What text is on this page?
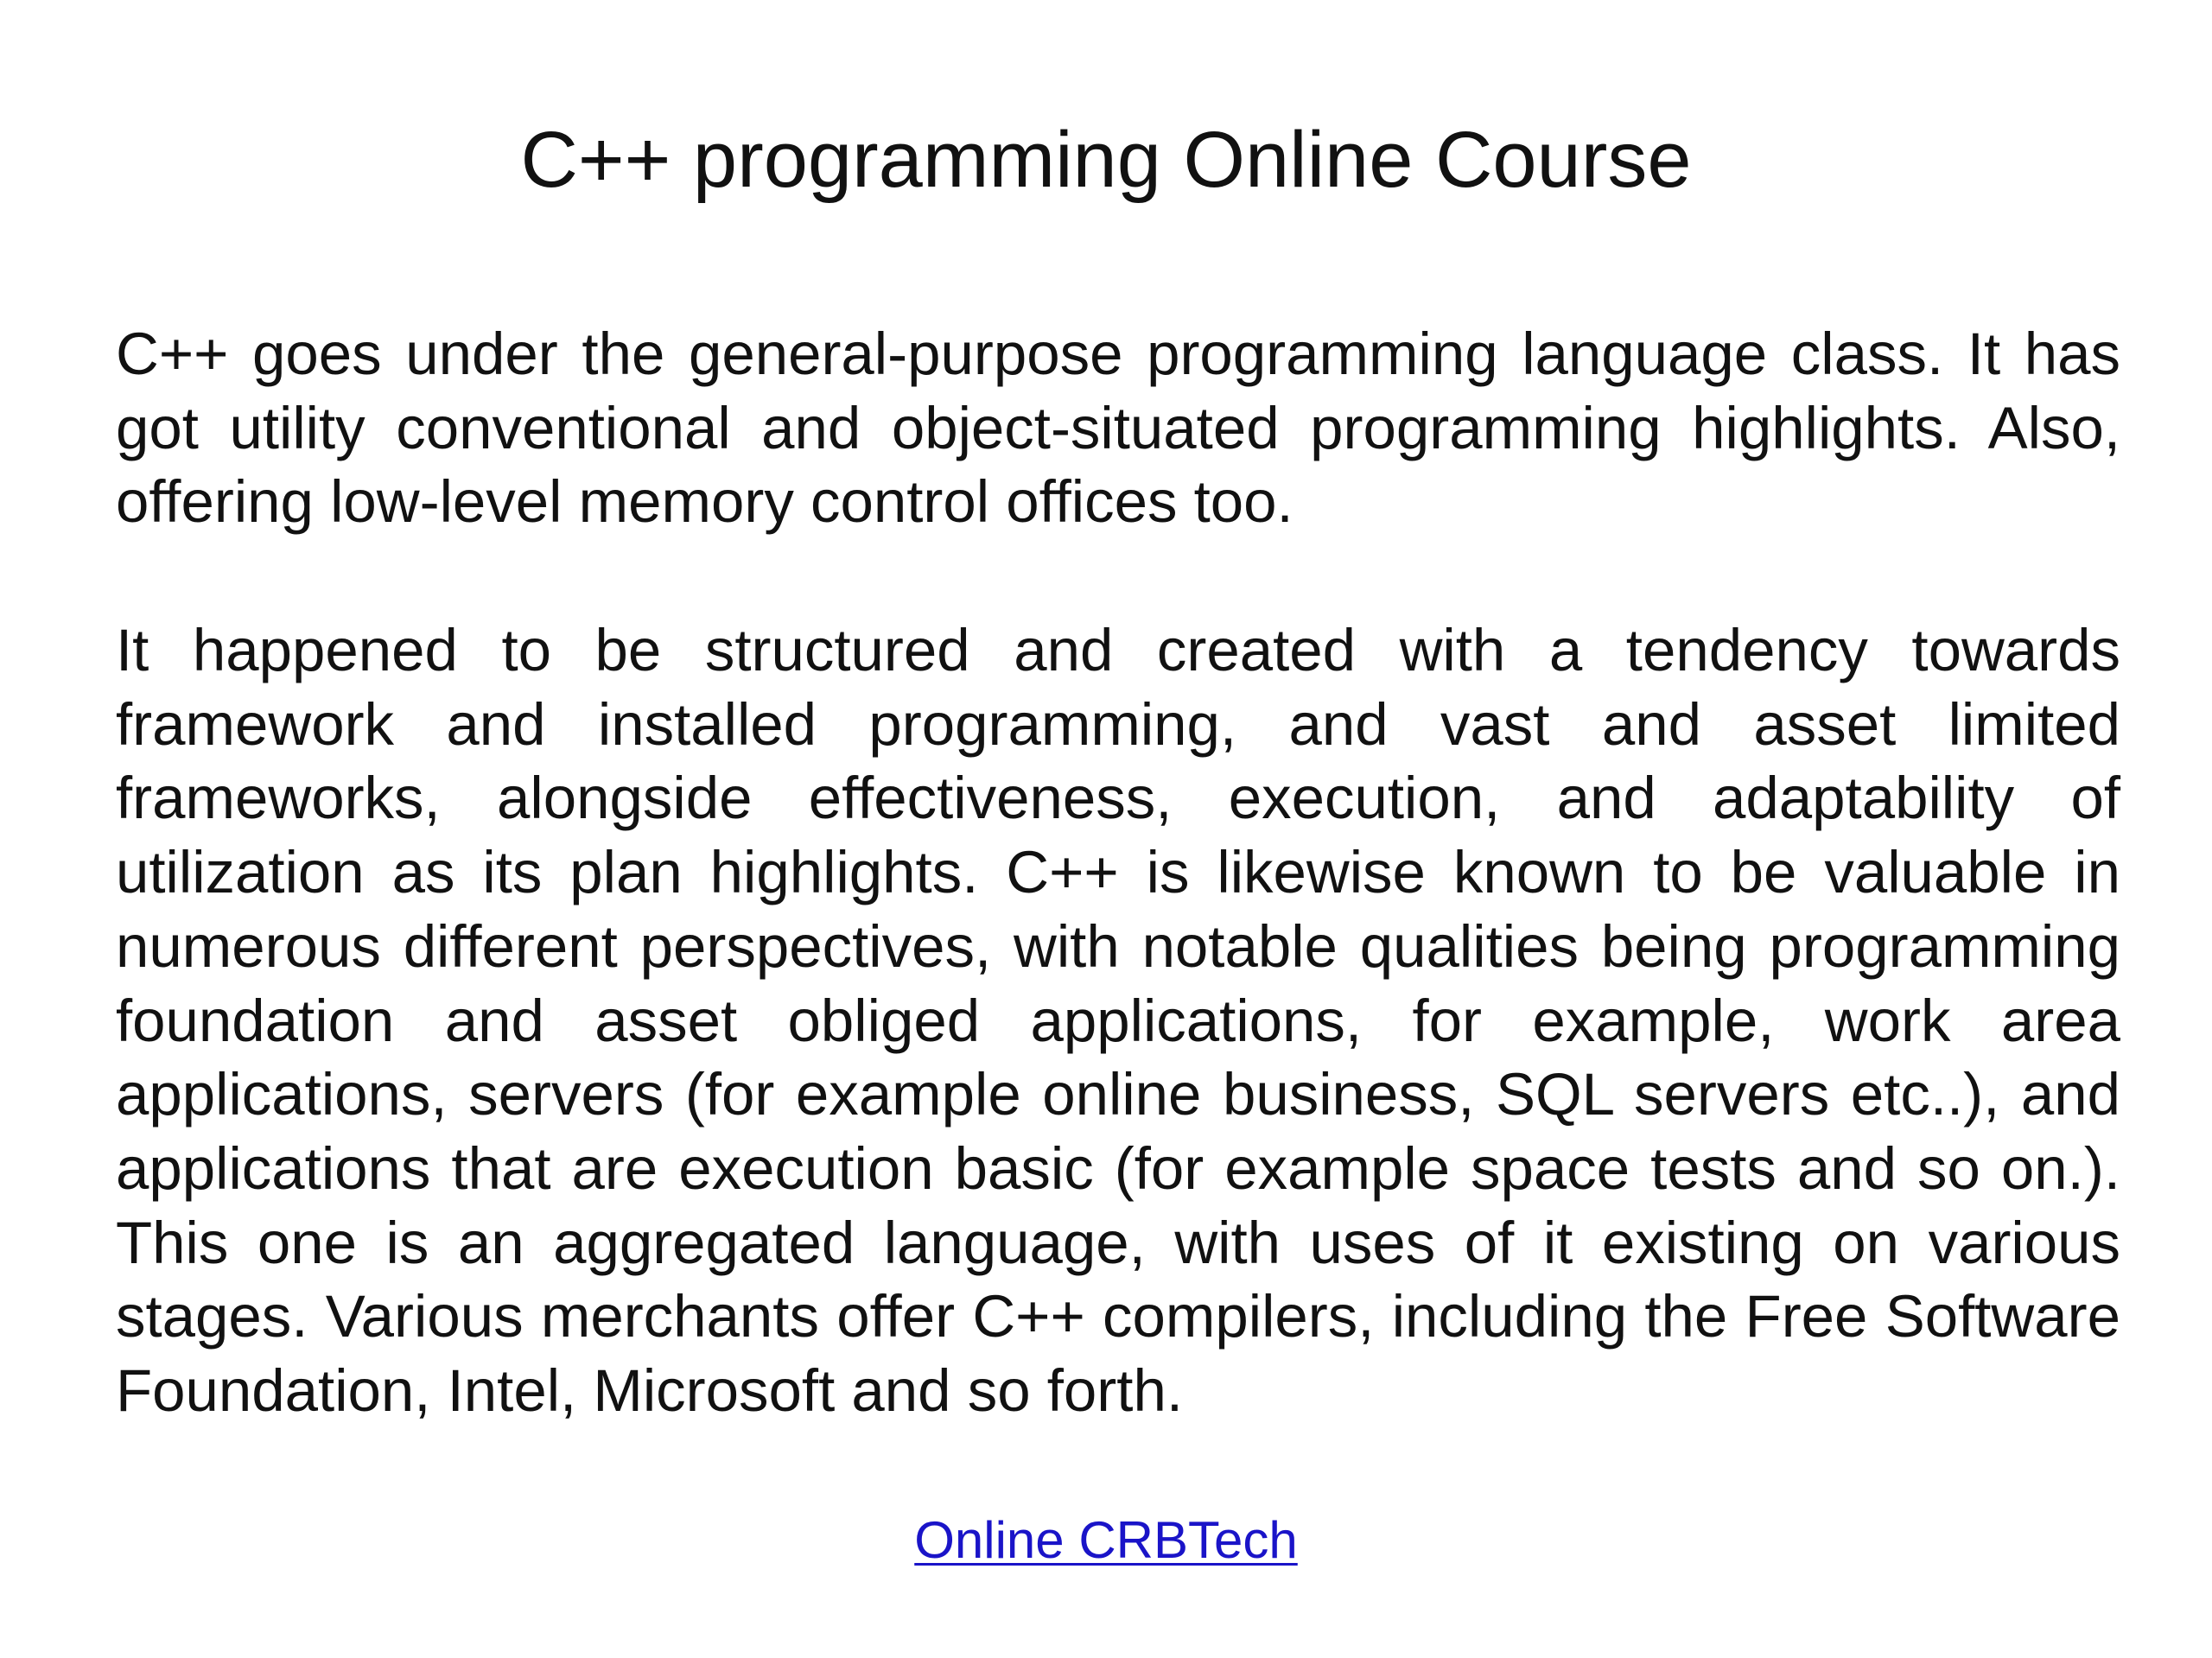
C++ programming Online Course

C++ goes under the general-purpose programming language class. It has got utility conventional and object-situated programming highlights. Also, offering low-level memory control offices too.

It happened to be structured and created with a tendency towards framework and installed programming, and vast and asset limited frameworks, alongside effectiveness, execution, and adaptability of utilization as its plan highlights. C++ is likewise known to be valuable in numerous different perspectives, with notable qualities being programming foundation and asset obliged applications, for example, work area applications, servers (for example online business, SQL servers etc..), and applications that are execution basic (for example space tests and so on.). This one is an aggregated language, with uses of it existing on various stages. Various merchants offer C++ compilers, including the Free Software Foundation, Intel, Microsoft and so forth.

Online CRBTech
